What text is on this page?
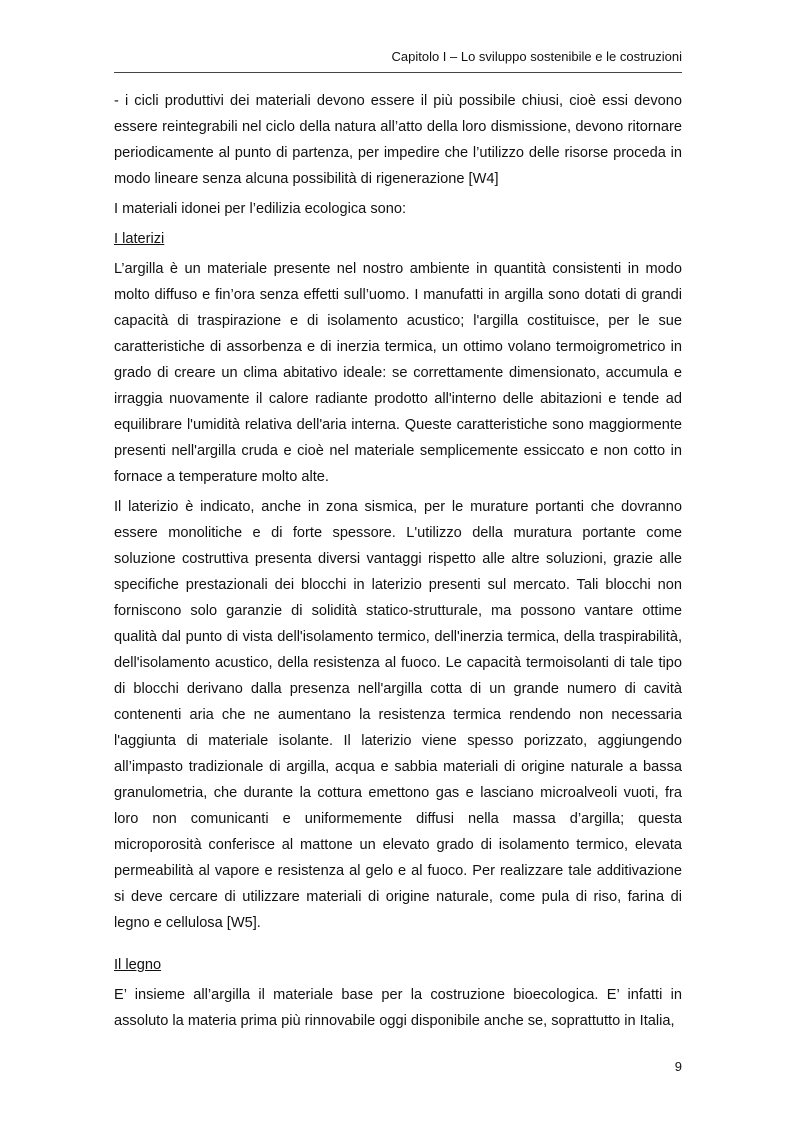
Capitolo I – Lo sviluppo sostenibile e le costruzioni

- i cicli produttivi dei materiali devono essere il più possibile chiusi, cioè essi devono essere reintegrabili nel ciclo della natura all’atto della loro dismissione, devono ritornare periodicamente al punto di partenza, per impedire che l’utilizzo delle risorse proceda in modo lineare senza alcuna possibilità di rigenerazione [W4]

I materiali idonei per l’edilizia ecologica sono:

I laterizi

L’argilla è un materiale presente nel nostro ambiente in quantità consistenti in modo molto diffuso e fin’ora senza effetti sull’uomo. I manufatti in argilla sono dotati di grandi capacità di traspirazione e di isolamento acustico; l'argilla costituisce, per le sue caratteristiche di assorbenza e di inerzia termica, un ottimo volano termoigrometrico in grado di creare un clima abitativo ideale: se correttamente dimensionato, accumula e irraggia nuovamente il calore radiante prodotto all'interno delle abitazioni e tende ad equilibrare l'umidità relativa dell'aria interna. Queste caratteristiche sono maggiormente presenti nell'argilla cruda e cioè nel materiale semplicemente essiccato e non cotto in fornace a temperature molto alte.

Il laterizio è indicato, anche in zona sismica, per le murature portanti che dovranno essere monolitiche e di forte spessore. L'utilizzo della muratura portante come soluzione costruttiva presenta diversi vantaggi rispetto alle altre soluzioni, grazie alle specifiche prestazionali dei blocchi in laterizio presenti sul mercato. Tali blocchi non forniscono solo garanzie di solidità statico-strutturale, ma possono vantare ottime qualità dal punto di vista dell'isolamento termico, dell'inerzia termica, della traspirabilità, dell'isolamento acustico, della resistenza al fuoco. Le capacità termoisolanti di tale tipo di blocchi derivano dalla presenza nell'argilla cotta di un grande numero di cavità contenenti aria che ne aumentano la resistenza termica rendendo non necessaria l'aggiunta di materiale isolante. Il laterizio viene spesso porizzato, aggiungendo all’impasto tradizionale di argilla, acqua e sabbia materiali di origine naturale a bassa granulometria, che durante la cottura emettono gas e lasciano microalveoli vuoti, fra loro non comunicanti e uniformemente diffusi nella massa d’argilla; questa microporosità conferisce al mattone un elevato grado di isolamento termico, elevata permeabilità al vapore e resistenza al gelo e al fuoco. Per realizzare tale additivazione si deve cercare di utilizzare materiali di origine naturale, come pula di riso, farina di legno e cellulosa [W5].

Il legno

E’ insieme all’argilla il materiale base per la costruzione bioecologica. E’ infatti in assoluto la materia prima più rinnovabile oggi disponibile anche se, soprattutto in Italia,

9
